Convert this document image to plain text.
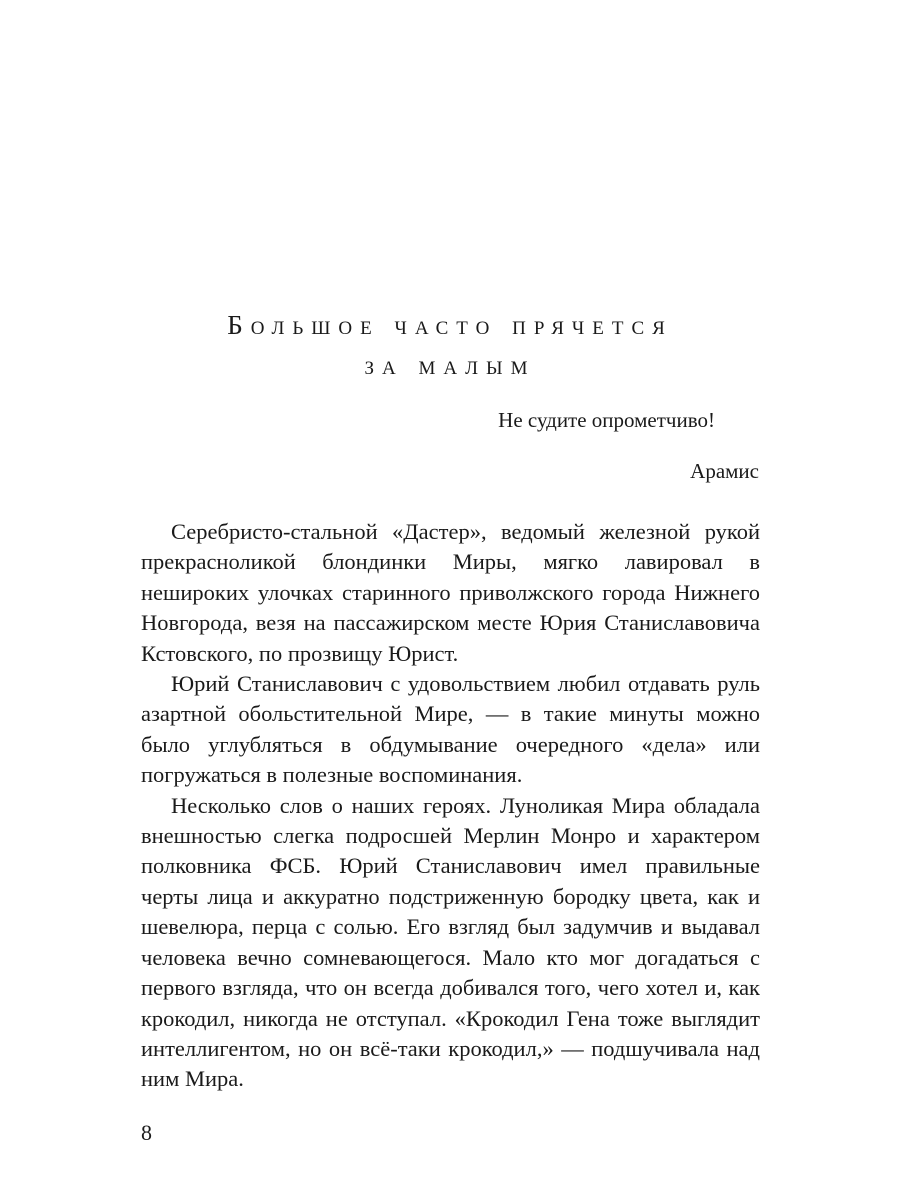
Большое часто прячется
за малым
Не судите опрометчиво!
Арамис

Серебристо-стальной «Дастер», ведомый железной рукой прекрасноликой блондинки Миры, мягко лавировал в нешироких улочках старинного приволжского города Нижнего Новгорода, везя на пассажирском месте Юрия Станиславовича Кстовского, по прозвищу Юрист.

Юрий Станиславович с удовольствием любил отдавать руль азартной обольстительной Мире, — в такие минуты можно было углубляться в обдумывание очередного «дела» или погружаться в полезные воспоминания.

Несколько слов о наших героях. Луноликая Мира обладала внешностью слегка подросшей Мерлин Монро и характером полковника ФСБ. Юрий Станиславович имел правильные черты лица и аккуратно подстриженную бородку цвета, как и шевелюра, перца с солью. Его взгляд был задумчив и выдавал человека вечно сомневающегося. Мало кто мог догадаться с первого взгляда, что он всегда добивался того, чего хотел и, как крокодил, никогда не отступал. «Крокодил Гена тоже выглядит интеллигентом, но он всё-таки крокодил,» — подшучивала над ним Мира.

8
